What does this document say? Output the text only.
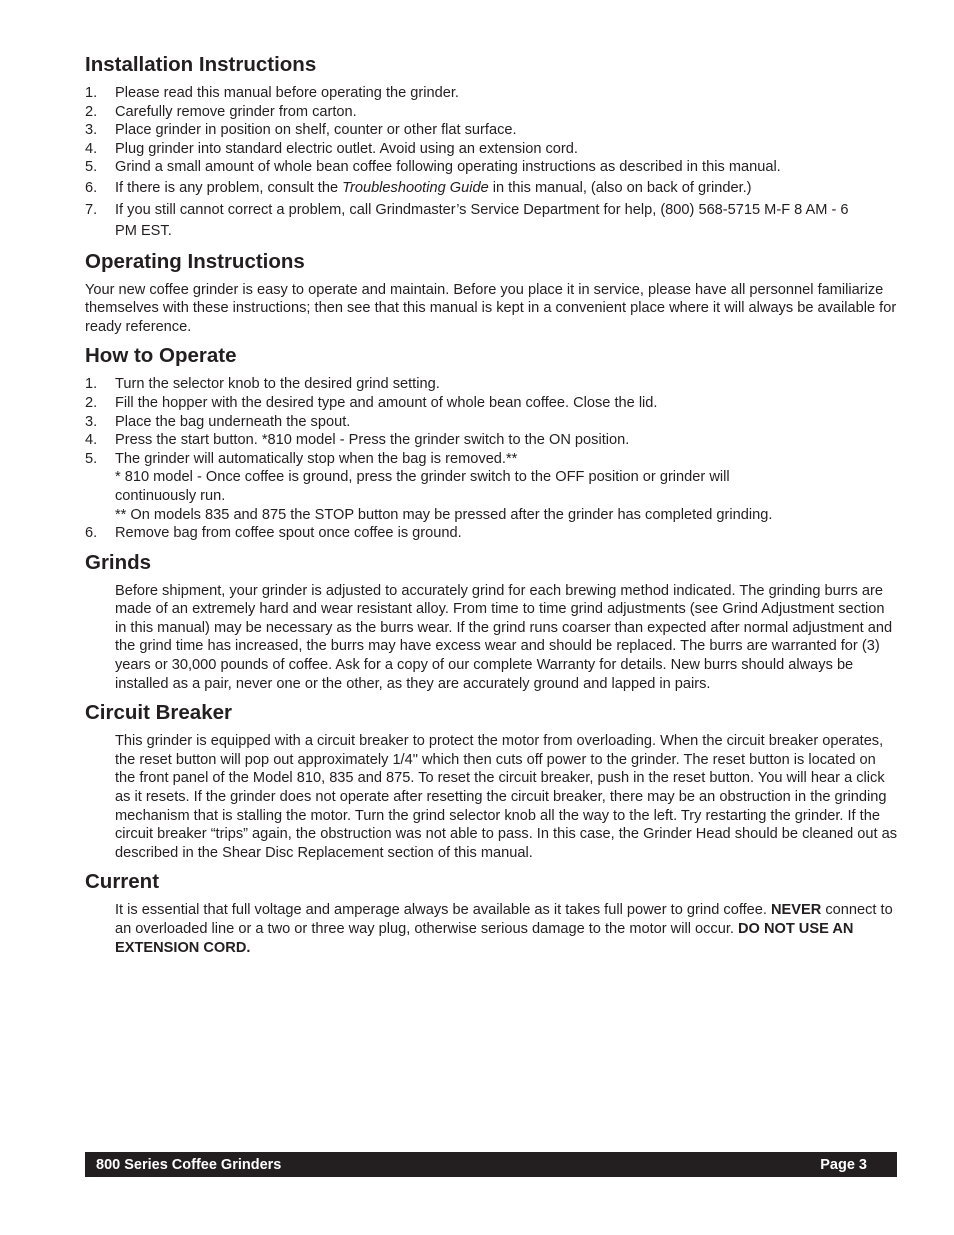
Installation Instructions
1. Please read this manual before operating the grinder.
2. Carefully remove grinder from carton.
3. Place grinder in position on shelf, counter or other flat surface.
4. Plug grinder into standard electric outlet. Avoid using an extension cord.
5. Grind a small amount of whole bean coffee following operating instructions as described in this manual.
6. If there is any problem, consult the Troubleshooting Guide in this manual, (also on back of grinder.)
7. If you still cannot correct a problem, call Grindmaster’s Service Department for help, (800) 568-5715 M-F 8 AM - 6 PM EST.
Operating Instructions

Your new coffee grinder is easy to operate and maintain. Before you place it in service, please have all personnel familiarize themselves with these instructions; then see that this manual is kept in a convenient place where it will always be available for ready reference.

How to Operate
1. Turn the selector knob to the desired grind setting.
2. Fill the hopper with the desired type and amount of whole bean coffee. Close the lid.
3. Place the bag underneath the spout.
4. Press the start button. *810 model - Press the grinder switch to the ON position.
5. The grinder will automatically stop when the bag is removed.**
* 810 model - Once coffee is ground, press the grinder switch to the OFF position or grinder will continuously run.
** On models 835 and 875 the STOP button may be pressed after the grinder has completed grinding.
6. Remove bag from coffee spout once coffee is ground.
Grinds

Before shipment, your grinder is adjusted to accurately grind for each brewing method indicated. The grinding burrs are made of an extremely hard and wear resistant alloy. From time to time grind adjustments (see Grind Adjustment section in this manual) may be necessary as the burrs wear. If the grind runs coarser than expected after normal adjustment and the grind time has increased, the burrs may have excess wear and should be replaced. The burrs are warranted for (3) years or 30,000 pounds of coffee. Ask for a copy of our complete Warranty for details. New burrs should always be installed as a pair, never one or the other, as they are accurately ground and lapped in pairs.

Circuit Breaker

This grinder is equipped with a circuit breaker to protect the motor from overloading. When the circuit breaker operates, the reset button will pop out approximately 1/4" which then cuts off power to the grinder. The reset button is located on the front panel of the Model 810, 835 and 875. To reset the circuit breaker, push in the reset button. You will hear a click as it resets. If the grinder does not operate after resetting the circuit breaker, there may be an obstruction in the grinding mechanism that is stalling the motor. Turn the grind selector knob all the way to the left. Try restarting the grinder. If the circuit breaker “trips” again, the obstruction was not able to pass. In this case, the Grinder Head should be cleaned out as described in the Shear Disc Replacement section of this manual.

Current

It is essential that full voltage and amperage always be available as it takes full power to grind coffee. NEVER connect to an overloaded line or a two or three way plug, otherwise serious damage to the motor will occur. DO NOT USE AN EXTENSION CORD.

800 Series Coffee Grinders	Page 3
